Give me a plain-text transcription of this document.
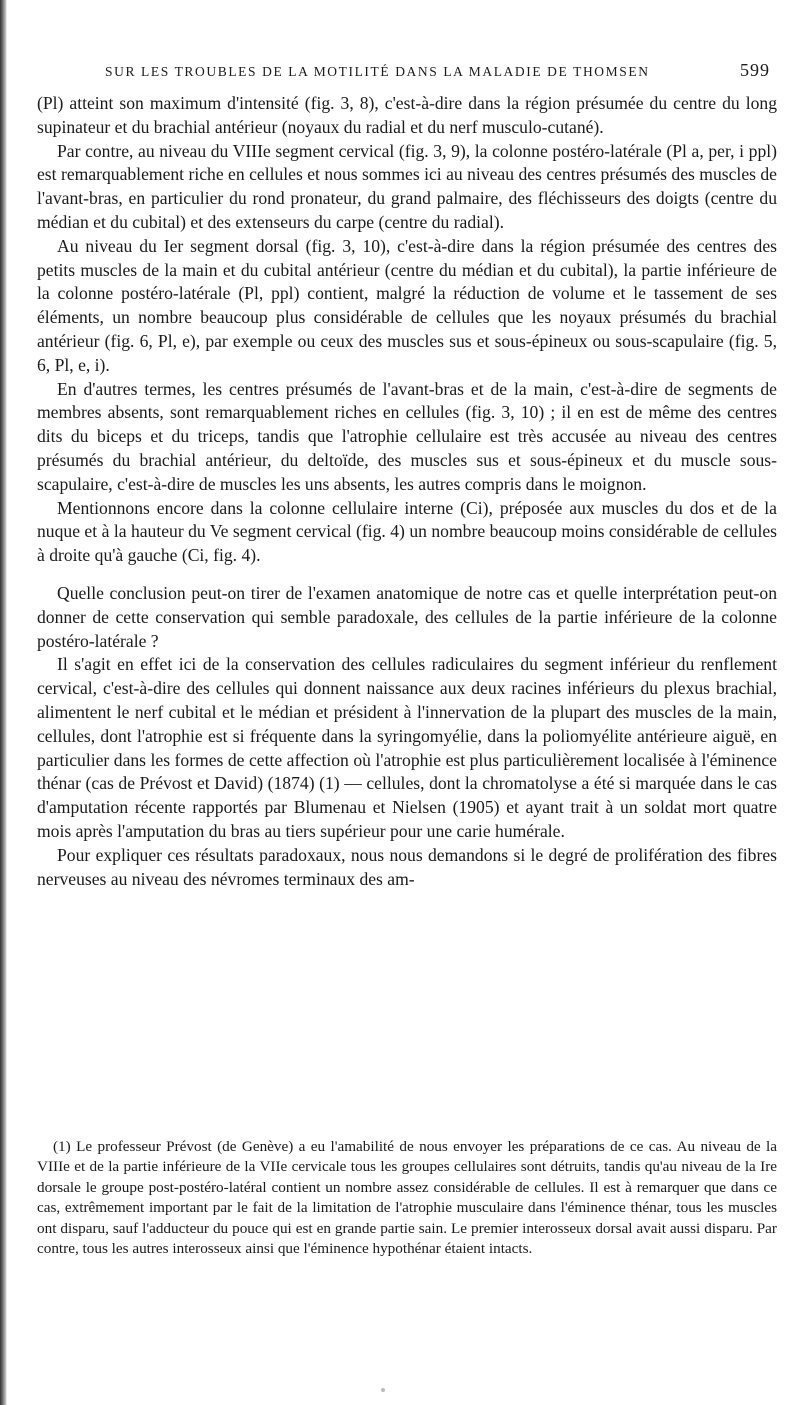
SUR LES TROUBLES DE LA MOTILITÉ DANS LA MALADIE DE THOMSEN	599

(Pl) atteint son maximum d'intensité (fig. 3, 8), c'est-à-dire dans la région présumée du centre du long supinateur et du brachial antérieur (noyaux du radial et du nerf musculo-cutané).

Par contre, au niveau du VIIIe segment cervical (fig. 3, 9), la colonne postéro-latérale (Pl a, per, i ppl) est remarquablement riche en cellules et nous sommes ici au niveau des centres présumés des muscles de l'avant-bras, en particulier du rond pronateur, du grand palmaire, des fléchisseurs des doigts (centre du médian et du cubital) et des extenseurs du carpe (centre du radial).

Au niveau du Ier segment dorsal (fig. 3, 10), c'est-à-dire dans la région présumée des centres des petits muscles de la main et du cubital antérieur (centre du médian et du cubital), la partie inférieure de la colonne postéro-latérale (Pl, ppl) contient, malgré la réduction de volume et le tassement de ses éléments, un nombre beaucoup plus considérable de cellules que les noyaux présumés du brachial antérieur (fig. 6, Pl, e), par exemple ou ceux des muscles sus et sous-épineux ou sous-scapulaire (fig. 5, 6, Pl, e, i).

En d'autres termes, les centres présumés de l'avant-bras et de la main, c'est-à-dire de segments de membres absents, sont remarquablement riches en cellules (fig. 3, 10) ; il en est de même des centres dits du biceps et du triceps, tandis que l'atrophie cellulaire est très accusée au niveau des centres présumés du brachial antérieur, du deltoïde, des muscles sus et sous-épineux et du muscle sous-scapulaire, c'est-à-dire de muscles les uns absents, les autres compris dans le moignon.

Mentionnons encore dans la colonne cellulaire interne (Ci), préposée aux muscles du dos et de la nuque et à la hauteur du Ve segment cervical (fig. 4) un nombre beaucoup moins considérable de cellules à droite qu'à gauche (Ci, fig. 4).

Quelle conclusion peut-on tirer de l'examen anatomique de notre cas et quelle interprétation peut-on donner de cette conservation qui semble paradoxale, des cellules de la partie inférieure de la colonne postéro-latérale ?

Il s'agit en effet ici de la conservation des cellules radiculaires du segment inférieur du renflement cervical, c'est-à-dire des cellules qui donnent naissance aux deux racines inférieurs du plexus brachial, alimentent le nerf cubital et le médian et président à l'innervation de la plupart des muscles de la main, cellules, dont l'atrophie est si fréquente dans la syringomyélie, dans la poliomyélite antérieure aiguë, en particulier dans les formes de cette affection où l'atrophie est plus particulièrement localisée à l'éminence thénar (cas de Prévost et David) (1874) (1) — cellules, dont la chromatolyse a été si marquée dans le cas d'amputation récente rapportés par Blumenau et Nielsen (1905) et ayant trait à un soldat mort quatre mois après l'amputation du bras au tiers supérieur pour une carie humérale.

Pour expliquer ces résultats paradoxaux, nous nous demandons si le degré de prolifération des fibres nerveuses au niveau des névromes terminaux des am-

(1) Le professeur Prévost (de Genève) a eu l'amabilité de nous envoyer les préparations de ce cas. Au niveau de la VIIIe et de la partie inférieure de la VIIe cervicale tous les groupes cellulaires sont détruits, tandis qu'au niveau de la Ire dorsale le groupe post-postéro-latéral contient un nombre assez considérable de cellules. Il est à remarquer que dans ce cas, extrêmement important par le fait de la limitation de l'atrophie musculaire dans l'éminence thénar, tous les muscles ont disparu, sauf l'adducteur du pouce qui est en grande partie sain. Le premier interosseux dorsal avait aussi disparu. Par contre, tous les autres interosseux ainsi que l'éminence hypothénar étaient intacts.
